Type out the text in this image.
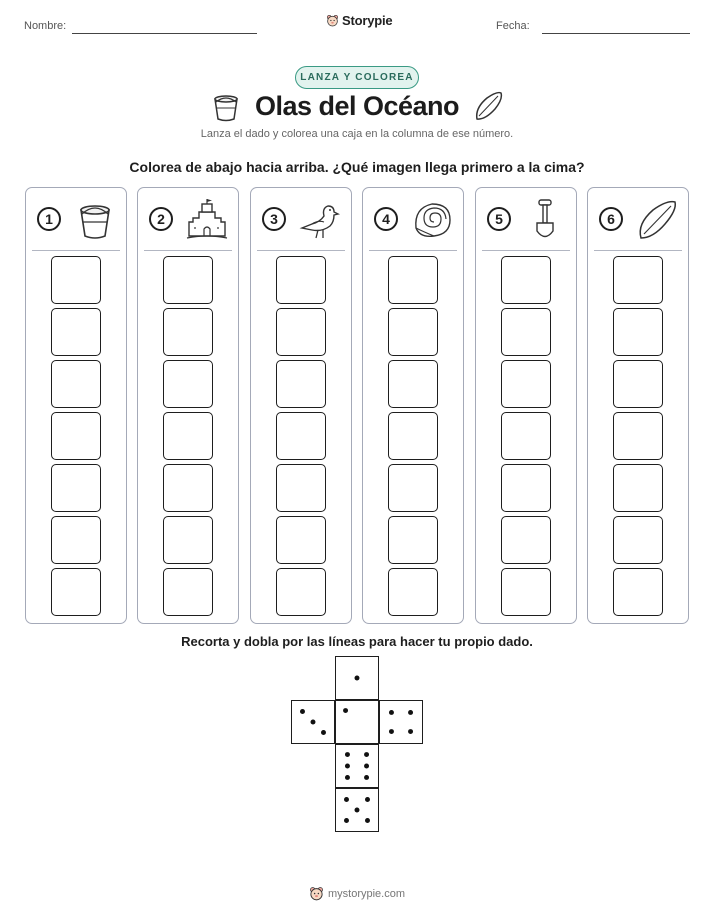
Nombre:	Fecha:
Storypie
LANZA Y COLOREA
Olas del Océano
Lanza el dado y colorea una caja en la columna de ese número.
Colorea de abajo hacia arriba. ¿Qué imagen llega primero a la cima?
1	2	3	4	5	6
Recorta y dobla por las líneas para hacer tu propio dado.
mystorypie.com
